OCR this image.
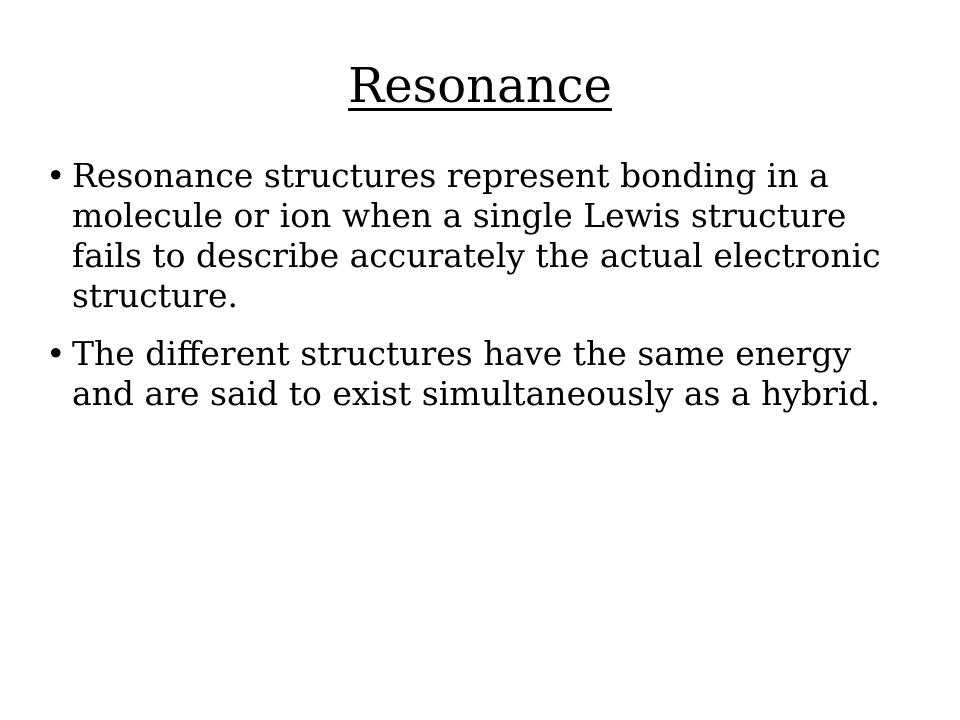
Resonance
• Resonance structures represent bonding in a molecule or ion when a single Lewis structure fails to describe accurately the actual electronic structure.
• The different structures have the same energy and are said to exist simultaneously as a hybrid.
